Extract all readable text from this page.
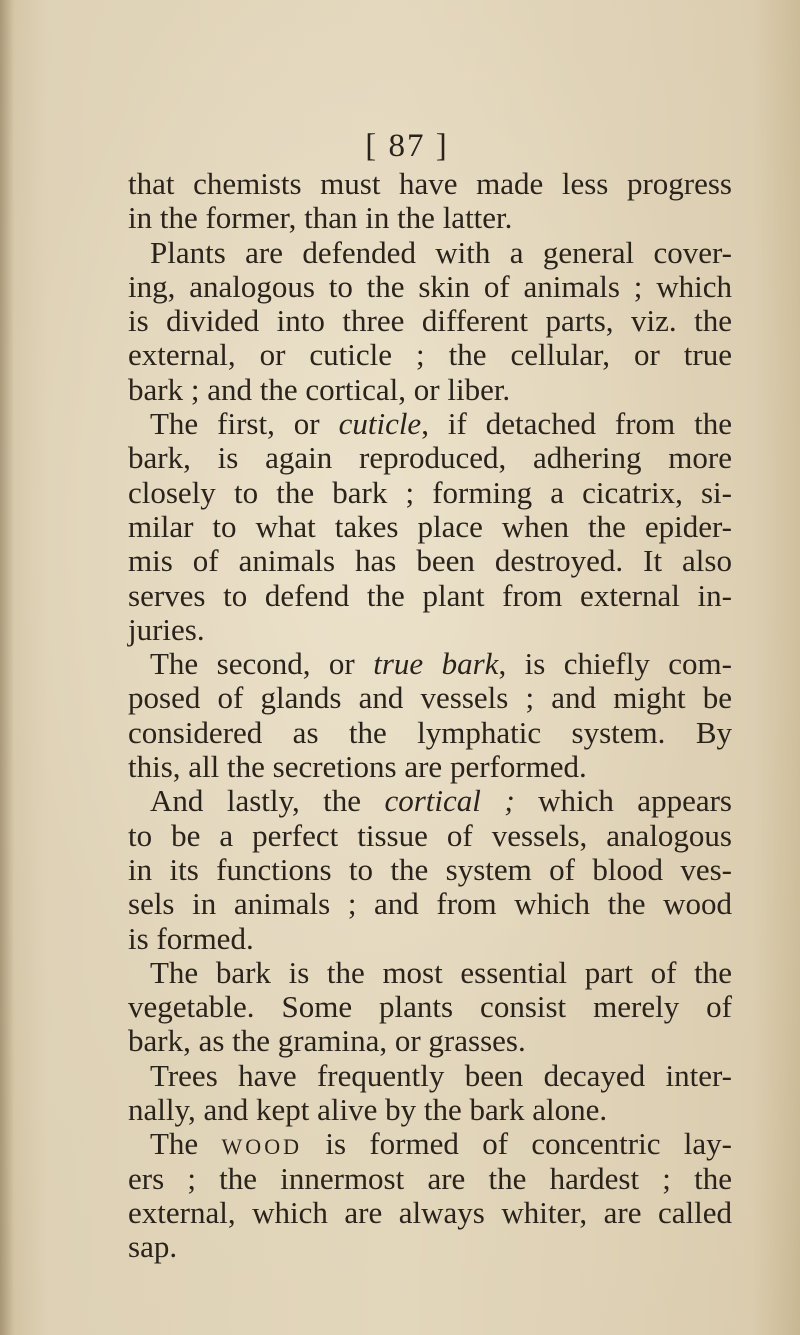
[ 87 ]
that chemists must have made less progress
in the former, than in the latter.
Plants are defended with a general cover-
ing, analogous to the skin of animals ; which
is divided into three different parts, viz. the
external, or cuticle ; the cellular, or true
bark ; and the cortical, or liber.
The first, or cuticle, if detached from the
bark, is again reproduced, adhering more
closely to the bark ; forming a cicatrix, si-
milar to what takes place when the epider-
mis of animals has been destroyed. It also
serves to defend the plant from external in-
juries.
The second, or true bark, is chiefly com-
posed of glands and vessels ; and might be
considered as the lymphatic system. By
this, all the secretions are performed.
And lastly, the cortical ; which appears
to be a perfect tissue of vessels, analogous
in its functions to the system of blood ves-
sels in animals ; and from which the wood
is formed.
The bark is the most essential part of the
vegetable. Some plants consist merely of
bark, as the gramina, or grasses.
Trees have frequently been decayed inter-
nally, and kept alive by the bark alone.
The wood is formed of concentric lay-
ers ; the innermost are the hardest ; the
external, which are always whiter, are called
sap.
